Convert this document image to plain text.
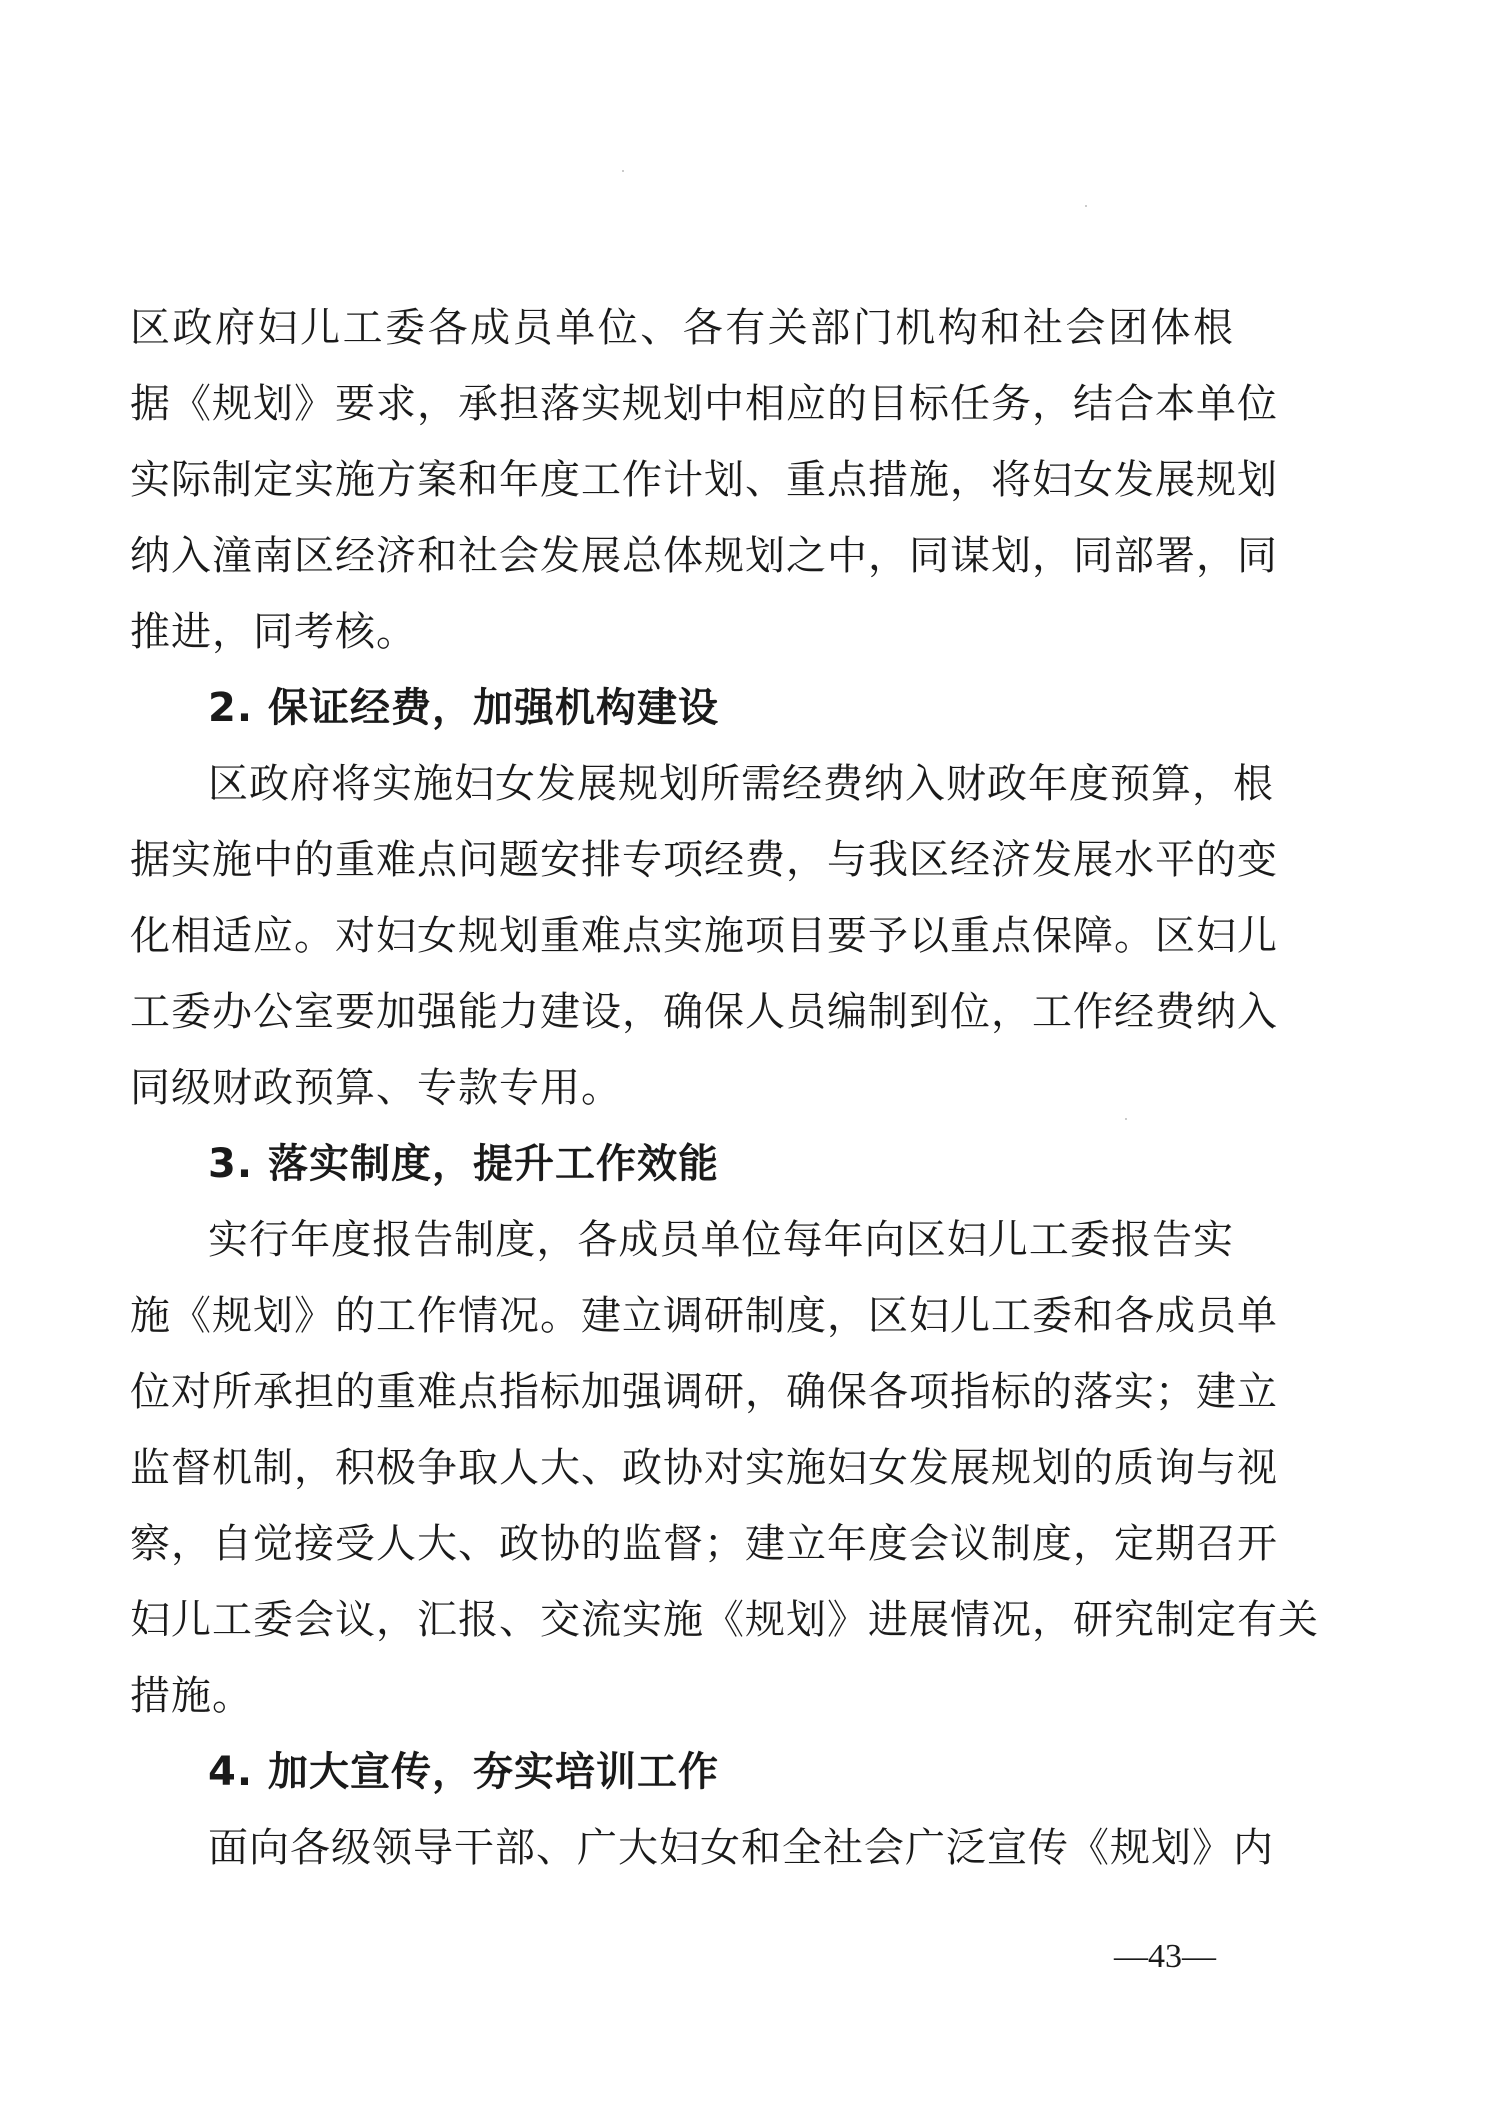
区政府妇儿工委各成员单位、各有关部门机构和社会团体根
据《规划》要求，承担落实规划中相应的目标任务，结合本单位
实际制定实施方案和年度工作计划、重点措施，将妇女发展规划
纳入潼南区经济和社会发展总体规划之中，同谋划，同部署，同
推进，同考核。
2. 保证经费，加强机构建设
区政府将实施妇女发展规划所需经费纳入财政年度预算，根
据实施中的重难点问题安排专项经费，与我区经济发展水平的变
化相适应。对妇女规划重难点实施项目要予以重点保障。区妇儿
工委办公室要加强能力建设，确保人员编制到位，工作经费纳入
同级财政预算、专款专用。
3. 落实制度，提升工作效能
实行年度报告制度，各成员单位每年向区妇儿工委报告实
施《规划》的工作情况。建立调研制度，区妇儿工委和各成员单
位对所承担的重难点指标加强调研，确保各项指标的落实；建立
监督机制，积极争取人大、政协对实施妇女发展规划的质询与视
察，自觉接受人大、政协的监督；建立年度会议制度，定期召开
妇儿工委会议，汇报、交流实施《规划》进展情况，研究制定有关
措施。
4. 加大宣传，夯实培训工作
面向各级领导干部、广大妇女和全社会广泛宣传《规划》内
—43—
